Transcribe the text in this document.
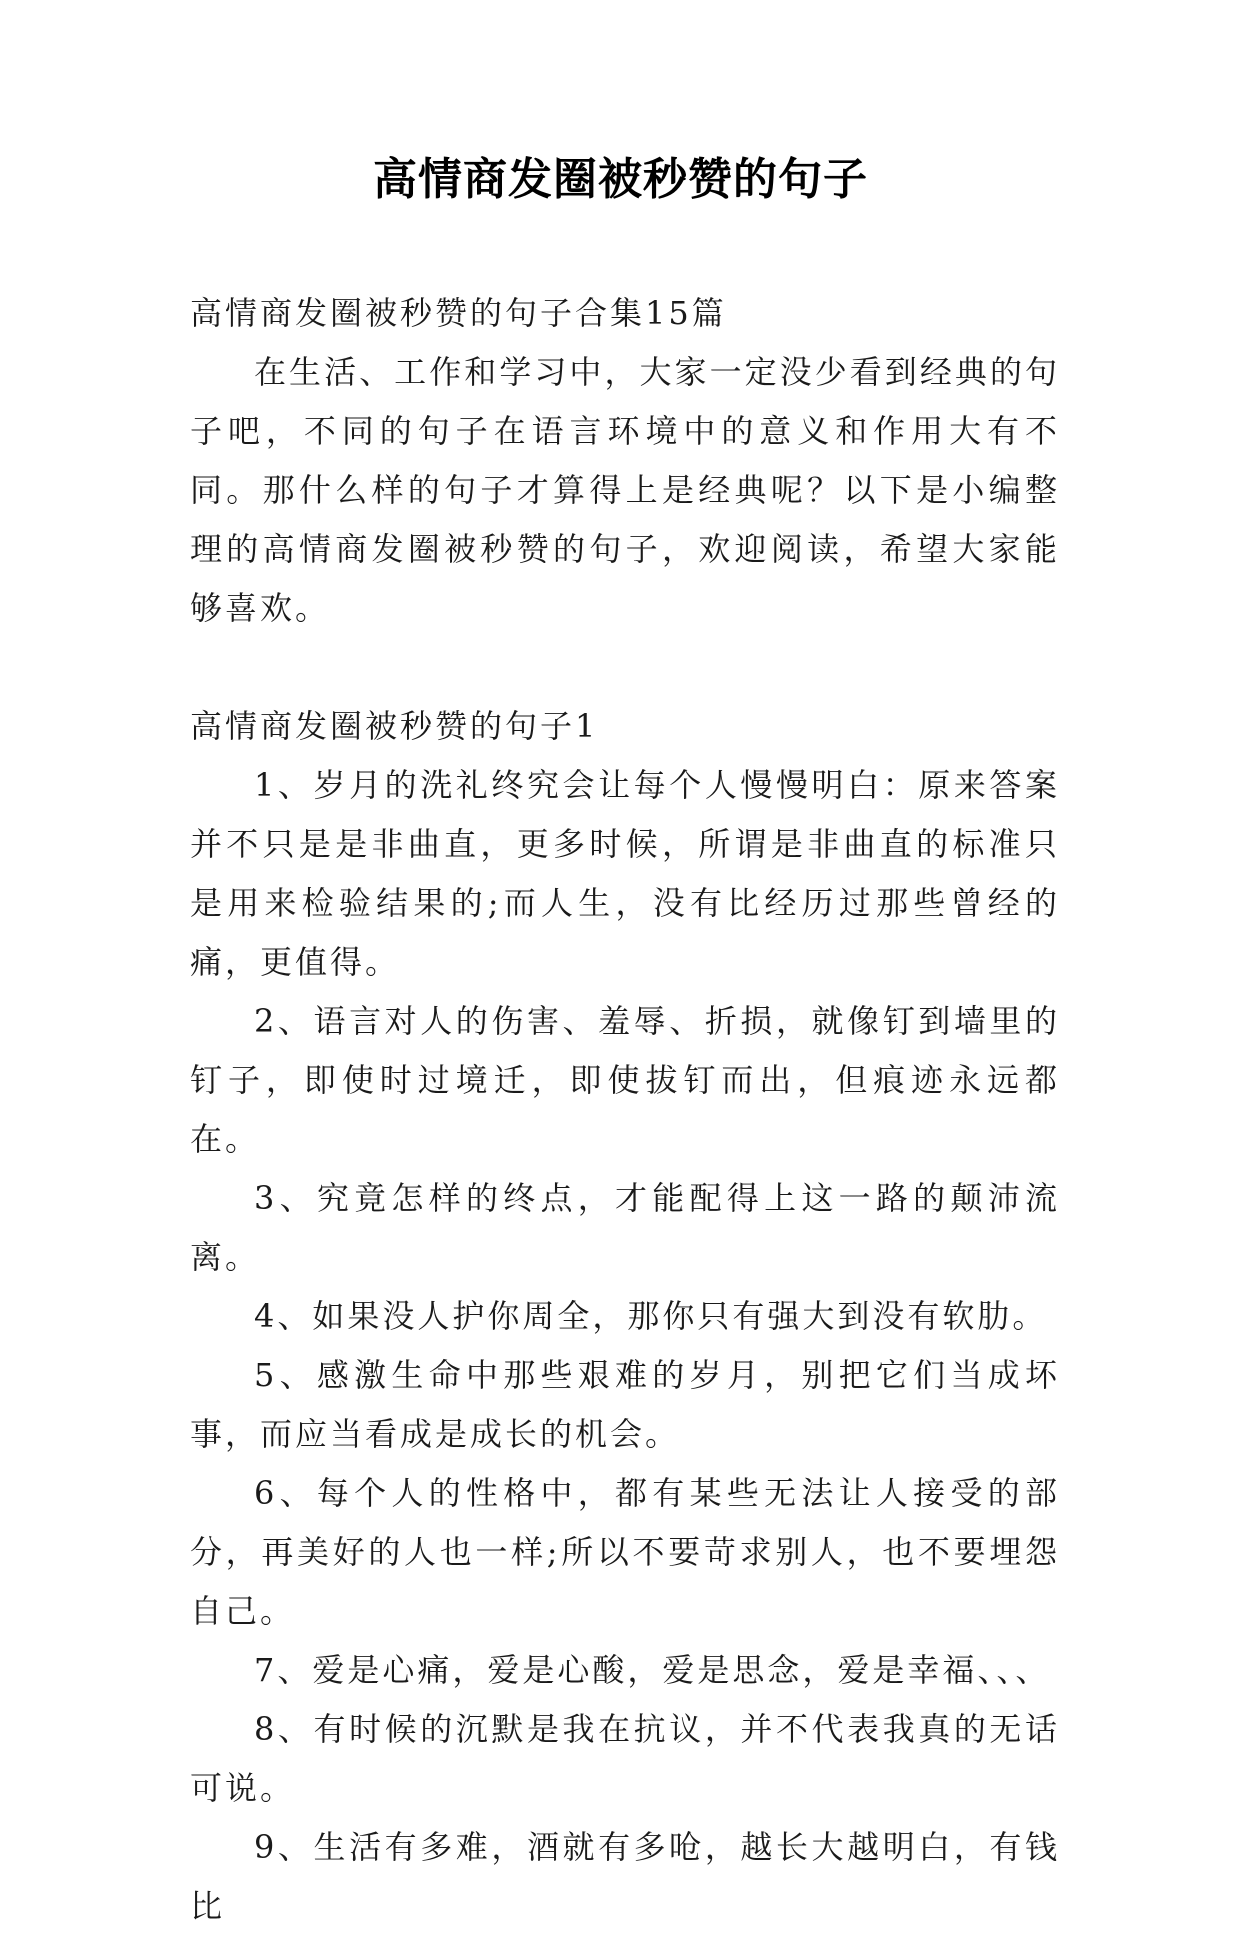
高情商发圈被秒赞的句子

高情商发圈被秒赞的句子合集15篇

在生活、工作和学习中，大家一定没少看到经典的句子吧，不同的句子在语言环境中的意义和作用大有不同。那什么样的句子才算得上是经典呢？以下是小编整理的高情商发圈被秒赞的句子，欢迎阅读，希望大家能够喜欢。

高情商发圈被秒赞的句子1

1、岁月的洗礼终究会让每个人慢慢明白：原来答案并不只是是非曲直，更多时候，所谓是非曲直的标准只是用来检验结果的;而人生，没有比经历过那些曾经的痛，更值得。

2、语言对人的伤害、羞辱、折损，就像钉到墙里的钉子，即使时过境迁，即使拔钉而出，但痕迹永远都在。

3、究竟怎样的终点，才能配得上这一路的颠沛流离。

4、如果没人护你周全，那你只有强大到没有软肋。

5、感激生命中那些艰难的岁月，别把它们当成坏事，而应当看成是成长的机会。

6、每个人的性格中，都有某些无法让人接受的部分，再美好的人也一样;所以不要苛求别人，也不要埋怨自己。

7、爱是心痛，爱是心酸，爱是思念，爱是幸福、、、

8、有时候的沉默是我在抗议，并不代表我真的无话可说。

9、生活有多难，酒就有多呛，越长大越明白，有钱比
